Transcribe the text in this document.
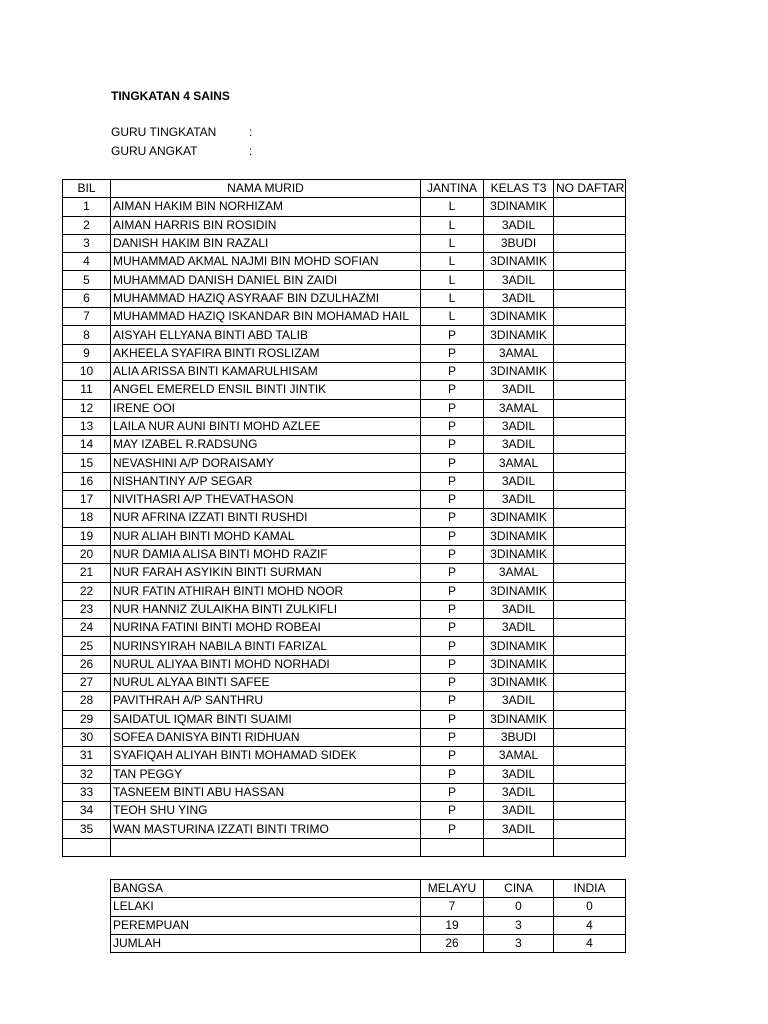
TINGKATAN 4 SAINS
GURU TINGKATAN	:
GURU ANGKAT	:
BIL	NAMA MURID	JANTINA	KELAS T3	NO DAFTAR
1	AIMAN HAKIM BIN NORHIZAM	L	3DINAMIK	
2	AIMAN HARRIS BIN ROSIDIN	L	3ADIL	
3	DANISH HAKIM BIN RAZALI	L	3BUDI	
4	MUHAMMAD AKMAL NAJMI BIN MOHD SOFIAN	L	3DINAMIK	
5	MUHAMMAD DANISH DANIEL BIN ZAIDI	L	3ADIL	
6	MUHAMMAD HAZIQ ASYRAAF BIN DZULHAZMI	L	3ADIL	
7	MUHAMMAD HAZIQ ISKANDAR BIN MOHAMAD HAIL	L	3DINAMIK	
8	AISYAH ELLYANA BINTI ABD TALIB	P	3DINAMIK	
9	AKHEELA SYAFIRA BINTI ROSLIZAM	P	3AMAL	
10	ALIA ARISSA BINTI KAMARULHISAM	P	3DINAMIK	
11	ANGEL EMERELD ENSIL BINTI JINTIK	P	3ADIL	
12	IRENE OOI	P	3AMAL	
13	LAILA NUR AUNI BINTI MOHD AZLEE	P	3ADIL	
14	MAY IZABEL R.RADSUNG	P	3ADIL	
15	NEVASHINI A/P DORAISAMY	P	3AMAL	
16	NISHANTINY A/P SEGAR	P	3ADIL	
17	NIVITHASRI A/P THEVATHASON	P	3ADIL	
18	NUR AFRINA IZZATI BINTI RUSHDI	P	3DINAMIK	
19	NUR ALIAH BINTI MOHD KAMAL	P	3DINAMIK	
20	NUR DAMIA ALISA BINTI MOHD RAZIF	P	3DINAMIK	
21	NUR FARAH ASYIKIN BINTI SURMAN	P	3AMAL	
22	NUR FATIN ATHIRAH BINTI MOHD NOOR	P	3DINAMIK	
23	NUR HANNIZ ZULAIKHA BINTI ZULKIFLI	P	3ADIL	
24	NURINA FATINI BINTI MOHD ROBEAI	P	3ADIL	
25	NURINSYIRAH NABILA BINTI FARIZAL	P	3DINAMIK	
26	NURUL ALIYAA BINTI MOHD NORHADI	P	3DINAMIK	
27	NURUL ALYAA BINTI SAFEE	P	3DINAMIK	
28	PAVITHRAH A/P SANTHRU	P	3ADIL	
29	SAIDATUL IQMAR BINTI SUAIMI	P	3DINAMIK	
30	SOFEA DANISYA BINTI RIDHUAN	P	3BUDI	
31	SYAFIQAH ALIYAH BINTI MOHAMAD SIDEK	P	3AMAL	
32	TAN PEGGY	P	3ADIL	
33	TASNEEM BINTI ABU HASSAN	P	3ADIL	
34	TEOH SHU YING	P	3ADIL	
35	WAN MASTURINA IZZATI BINTI TRIMO	P	3ADIL	

BANGSA	MELAYU	CINA	INDIA
LELAKI	7	0	0
PEREMPUAN	19	3	4
JUMLAH	26	3	4
